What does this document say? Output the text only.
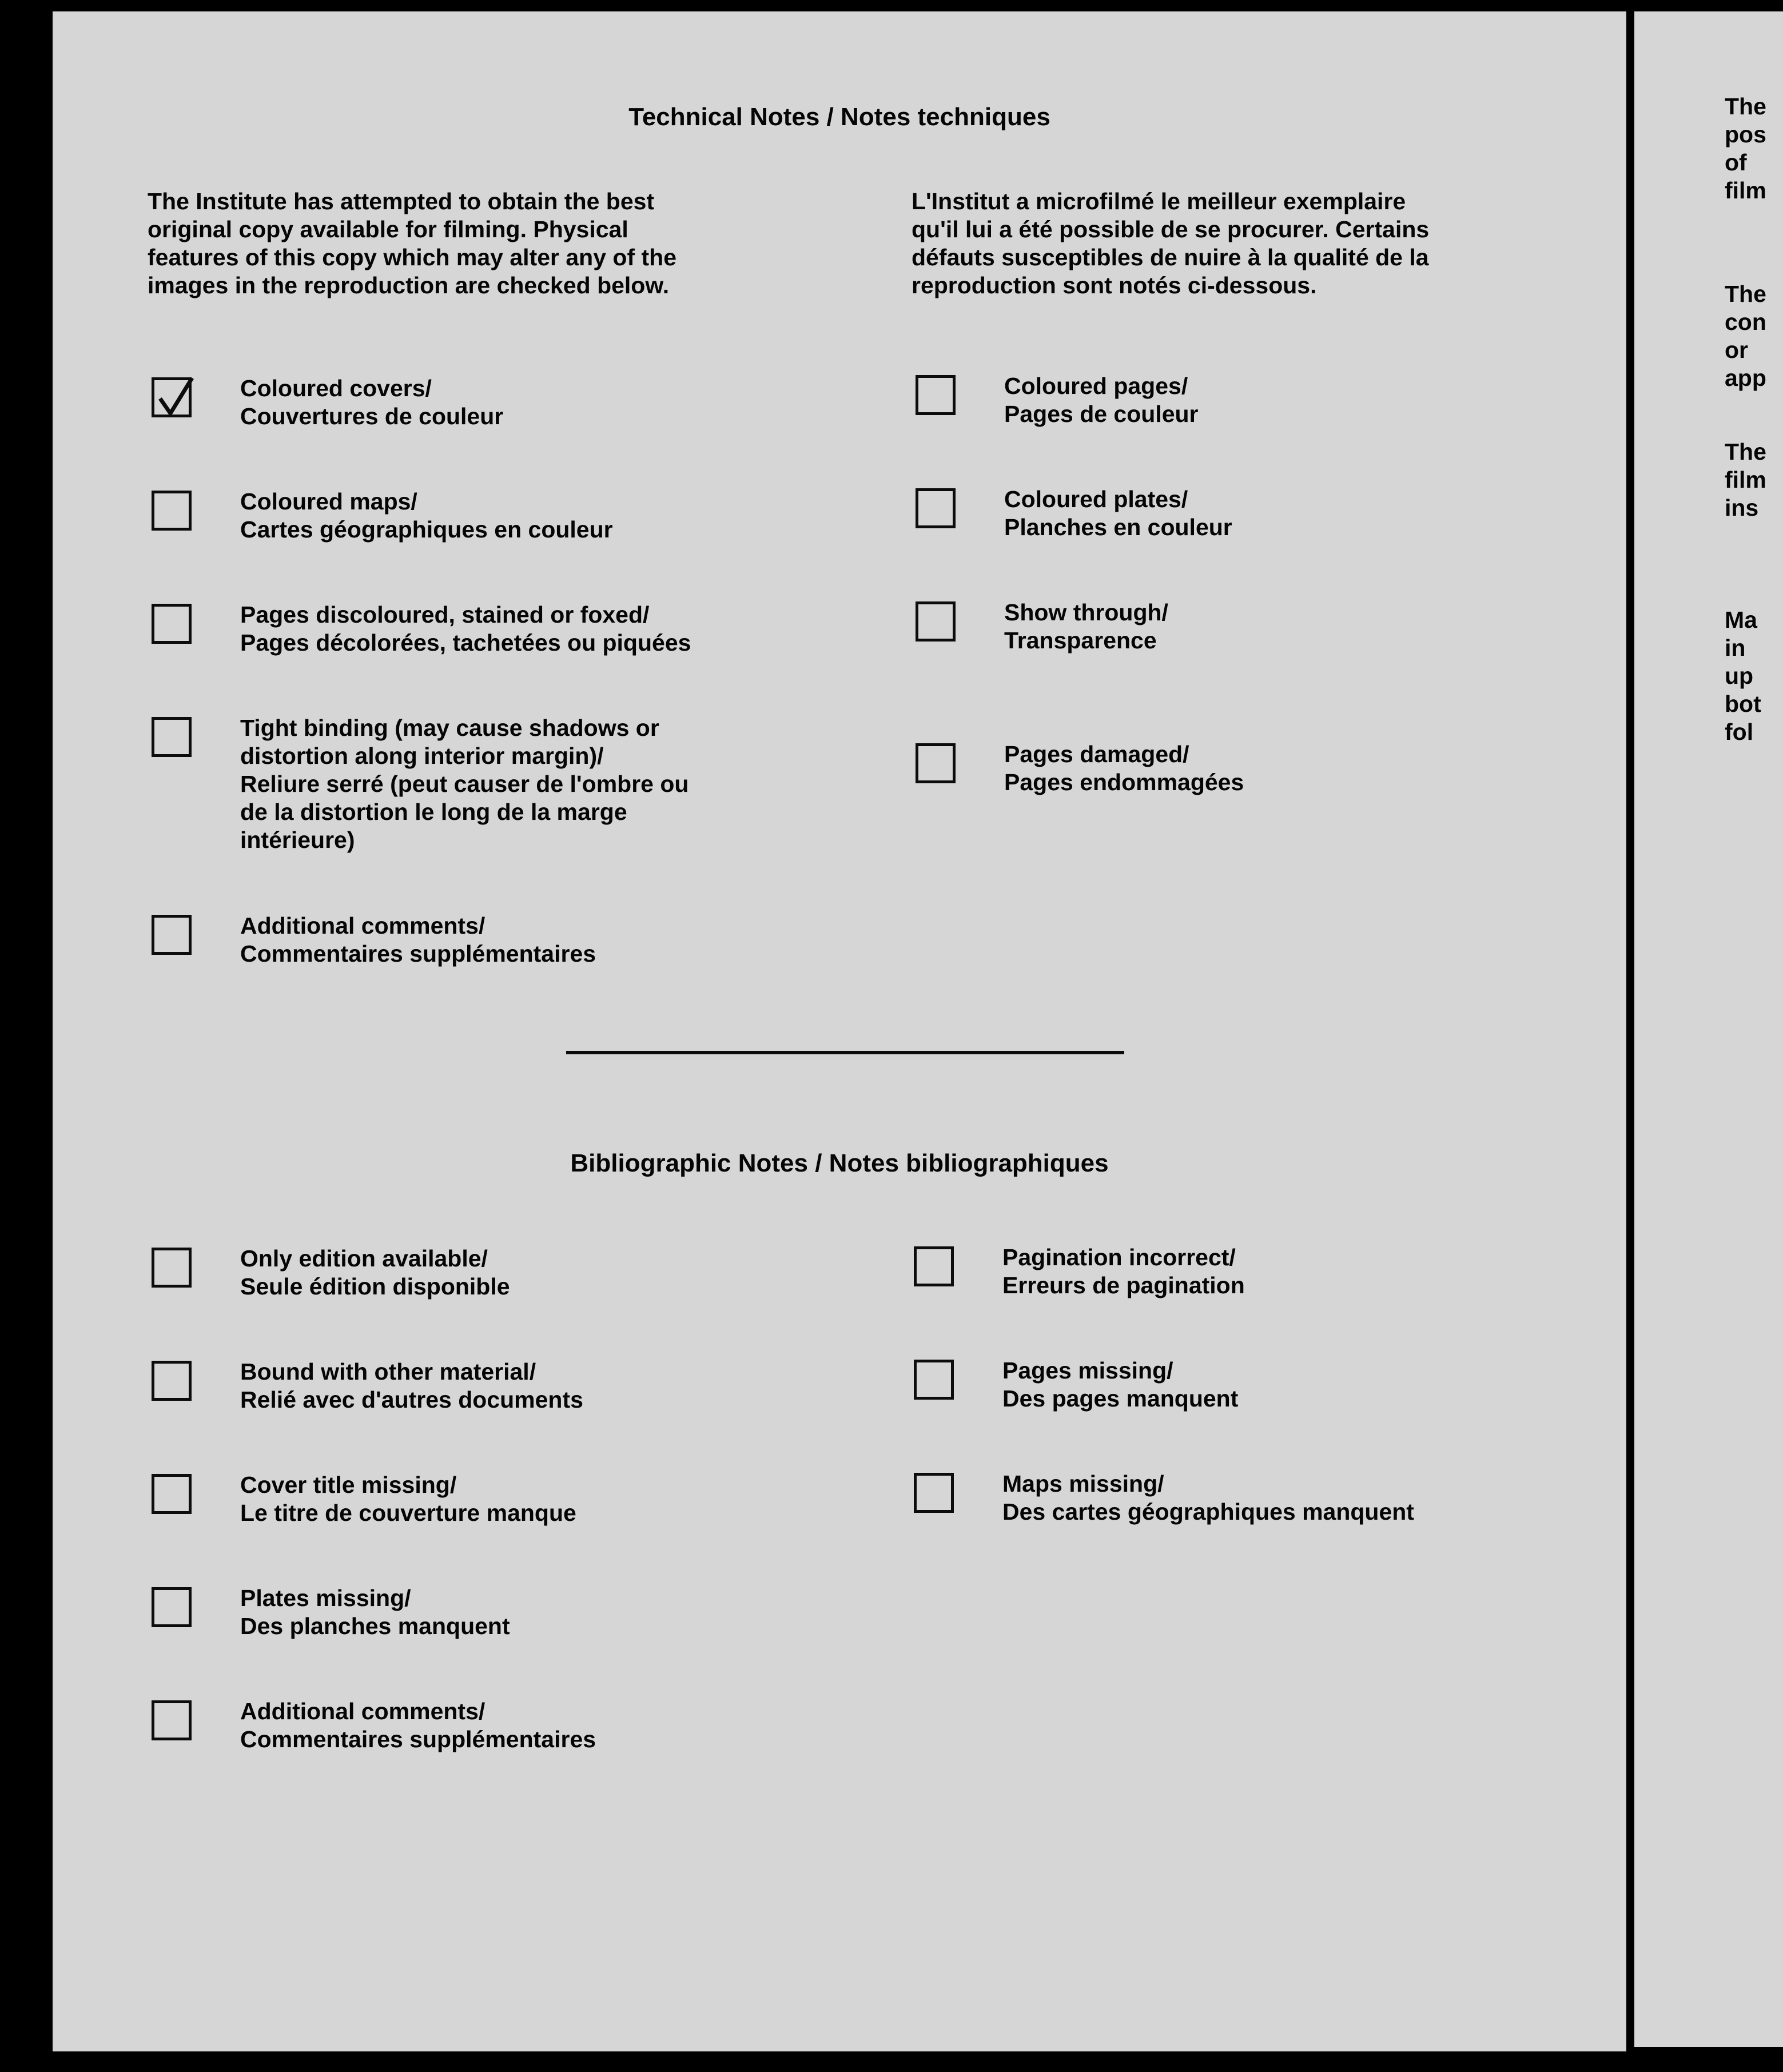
Technical Notes / Notes techniques
The Institute has attempted to obtain the best
original copy available for filming. Physical
features of this copy which may alter any of the
images in the reproduction are checked below.
L'Institut a microfilmé le meilleur exemplaire
qu'il lui a été possible de se procurer. Certains
défauts susceptibles de nuire à la qualité de la
reproduction sont notés ci-dessous.
Coloured covers/
Couvertures de couleur
Coloured maps/
Cartes géographiques en couleur
Pages discoloured, stained or foxed/
Pages décolorées, tachetées ou piquées
Tight binding (may cause shadows or
distortion along interior margin)/
Reliure serré (peut causer de l'ombre ou
de la distortion le long de la marge
intérieure)
Additional comments/
Commentaires supplémentaires
Coloured pages/
Pages de couleur
Coloured plates/
Planches en couleur
Show through/
Transparence
Pages damaged/
Pages endommagées
Bibliographic Notes / Notes bibliographiques
Only edition available/
Seule édition disponible
Bound with other material/
Relié avec d'autres documents
Cover title missing/
Le titre de couverture manque
Plates missing/
Des planches manquent
Additional comments/
Commentaires supplémentaires
Pagination incorrect/
Erreurs de pagination
Pages missing/
Des pages manquent
Maps missing/
Des cartes géographiques manquent
The
pos
of
film
The
con
or
app
The
film
ins
Ma
in
up
bot
fol
